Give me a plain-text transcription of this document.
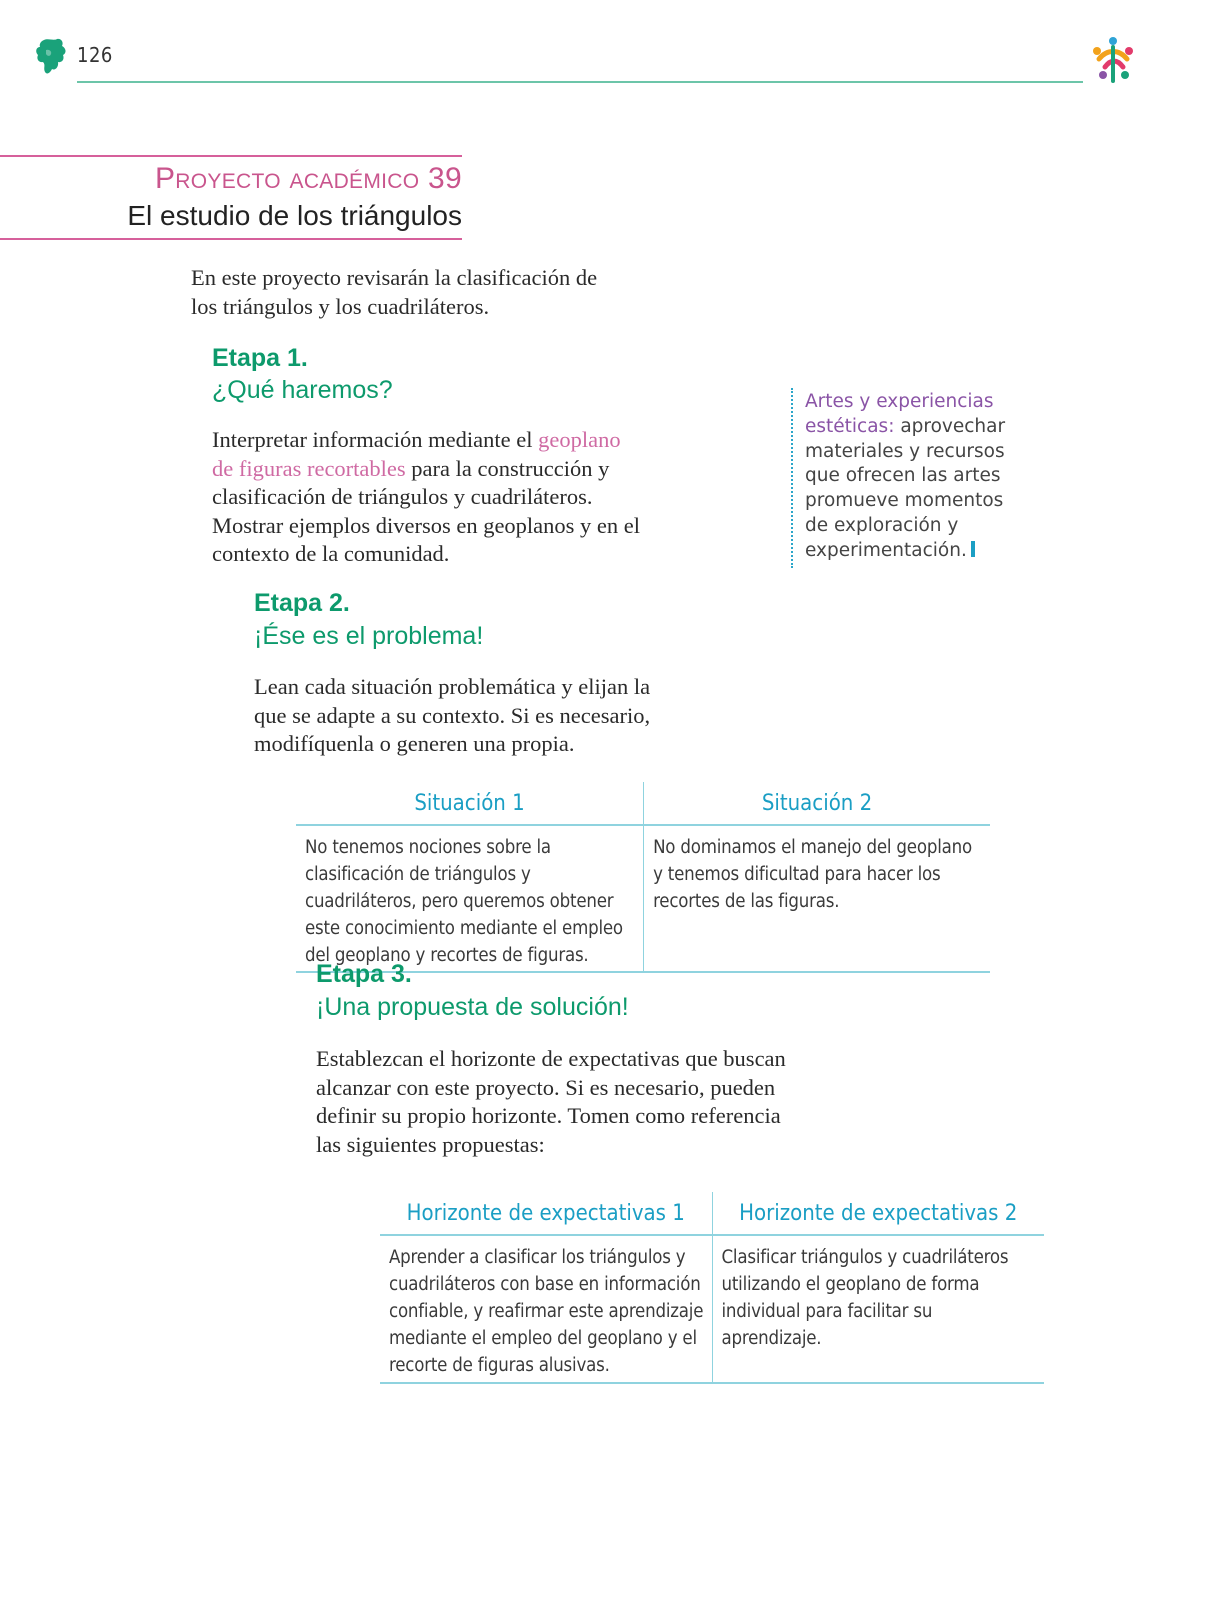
126
Proyecto académico 39
El estudio de los triángulos
En este proyecto revisarán la clasificación de los triángulos y los cuadriláteros.
Etapa 1.
¿Qué haremos?
Interpretar información mediante el geoplano de figuras recortables para la construcción y clasificación de triángulos y cuadriláteros. Mostrar ejemplos diversos en geoplanos y en el contexto de la comunidad.
Artes y experiencias estéticas: aprovechar materiales y recursos que ofrecen las artes promueve momentos de exploración y experimentación.
Etapa 2.
¡Ése es el problema!
Lean cada situación problemática y elijan la que se adapte a su contexto. Si es necesario, modifíquenla o generen una propia.
Situación 1	Situación 2
No tenemos nociones sobre la clasificación de triángulos y cuadriláteros, pero queremos obtener este conocimiento mediante el empleo del geoplano y recortes de figuras.	No dominamos el manejo del geoplano y tenemos dificultad para hacer los recortes de las figuras.
Etapa 3.
¡Una propuesta de solución!
Establezcan el horizonte de expectativas que buscan alcanzar con este proyecto. Si es necesario, pueden definir su propio horizonte. Tomen como referencia las siguientes propuestas:
Horizonte de expectativas 1	Horizonte de expectativas 2
Aprender a clasificar los triángulos y cuadriláteros con base en información confiable, y reafirmar este aprendizaje mediante el empleo del geoplano y el recorte de figuras alusivas.	Clasificar triángulos y cuadriláteros utilizando el geoplano de forma individual para facilitar su aprendizaje.
